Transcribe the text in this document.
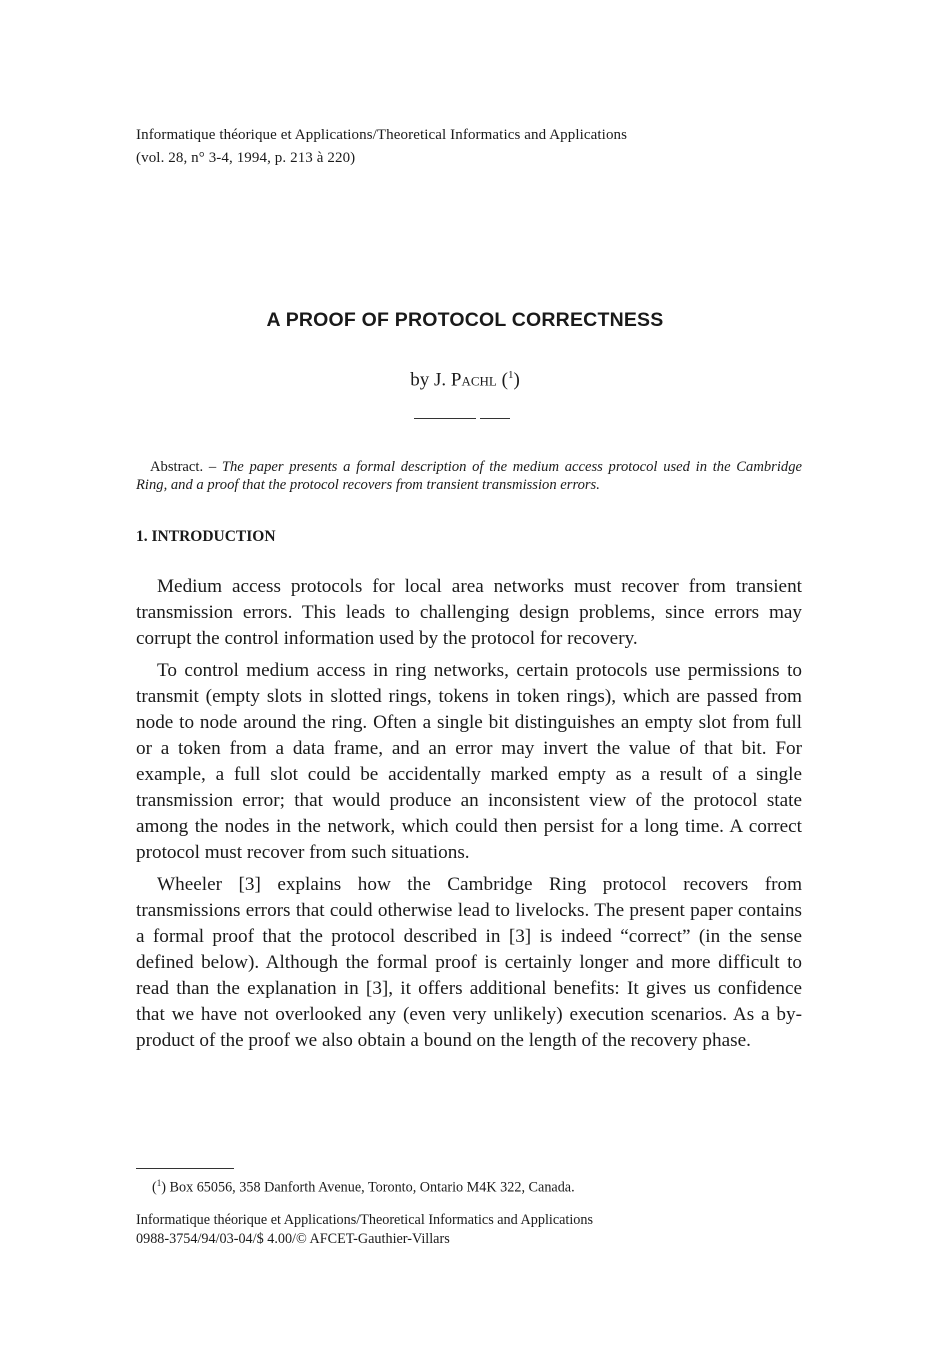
Informatique théorique et Applications/Theoretical Informatics and Applications
(vol. 28, n° 3-4, 1994, p. 213 à 220)
A PROOF OF PROTOCOL CORRECTNESS
by J. Pachl ($^1$)
Abstract. – The paper presents a formal description of the medium access protocol used in the Cambridge Ring, and a proof that the protocol recovers from transient transmission errors.
1. INTRODUCTION

Medium access protocols for local area networks must recover from transient transmission errors. This leads to challenging design problems, since errors may corrupt the control information used by the protocol for recovery.

To control medium access in ring networks, certain protocols use permissions to transmit (empty slots in slotted rings, tokens in token rings), which are passed from node to node around the ring. Often a single bit distinguishes an empty slot from full or a token from a data frame, and an error may invert the value of that bit. For example, a full slot could be accidentally marked empty as a result of a single transmission error; that would produce an inconsistent view of the protocol state among the nodes in the network, which could then persist for a long time. A correct protocol must recover from such situations.

Wheeler [3] explains how the Cambridge Ring protocol recovers from transmissions errors that could otherwise lead to livelocks. The present paper contains a formal proof that the protocol described in [3] is indeed “correct” (in the sense defined below). Although the formal proof is certainly longer and more difficult to read than the explanation in [3], it offers additional benefits: It gives us confidence that we have not overlooked any (even very unlikely) execution scenarios. As a by-product of the proof we also obtain a bound on the length of the recovery phase.

($^1$) Box 65056, 358 Danforth Avenue, Toronto, Ontario M4K 322, Canada.
Informatique théorique et Applications/Theoretical Informatics and Applications
0988-3754/94/03-04/$ 4.00/© AFCET-Gauthier-Villars
